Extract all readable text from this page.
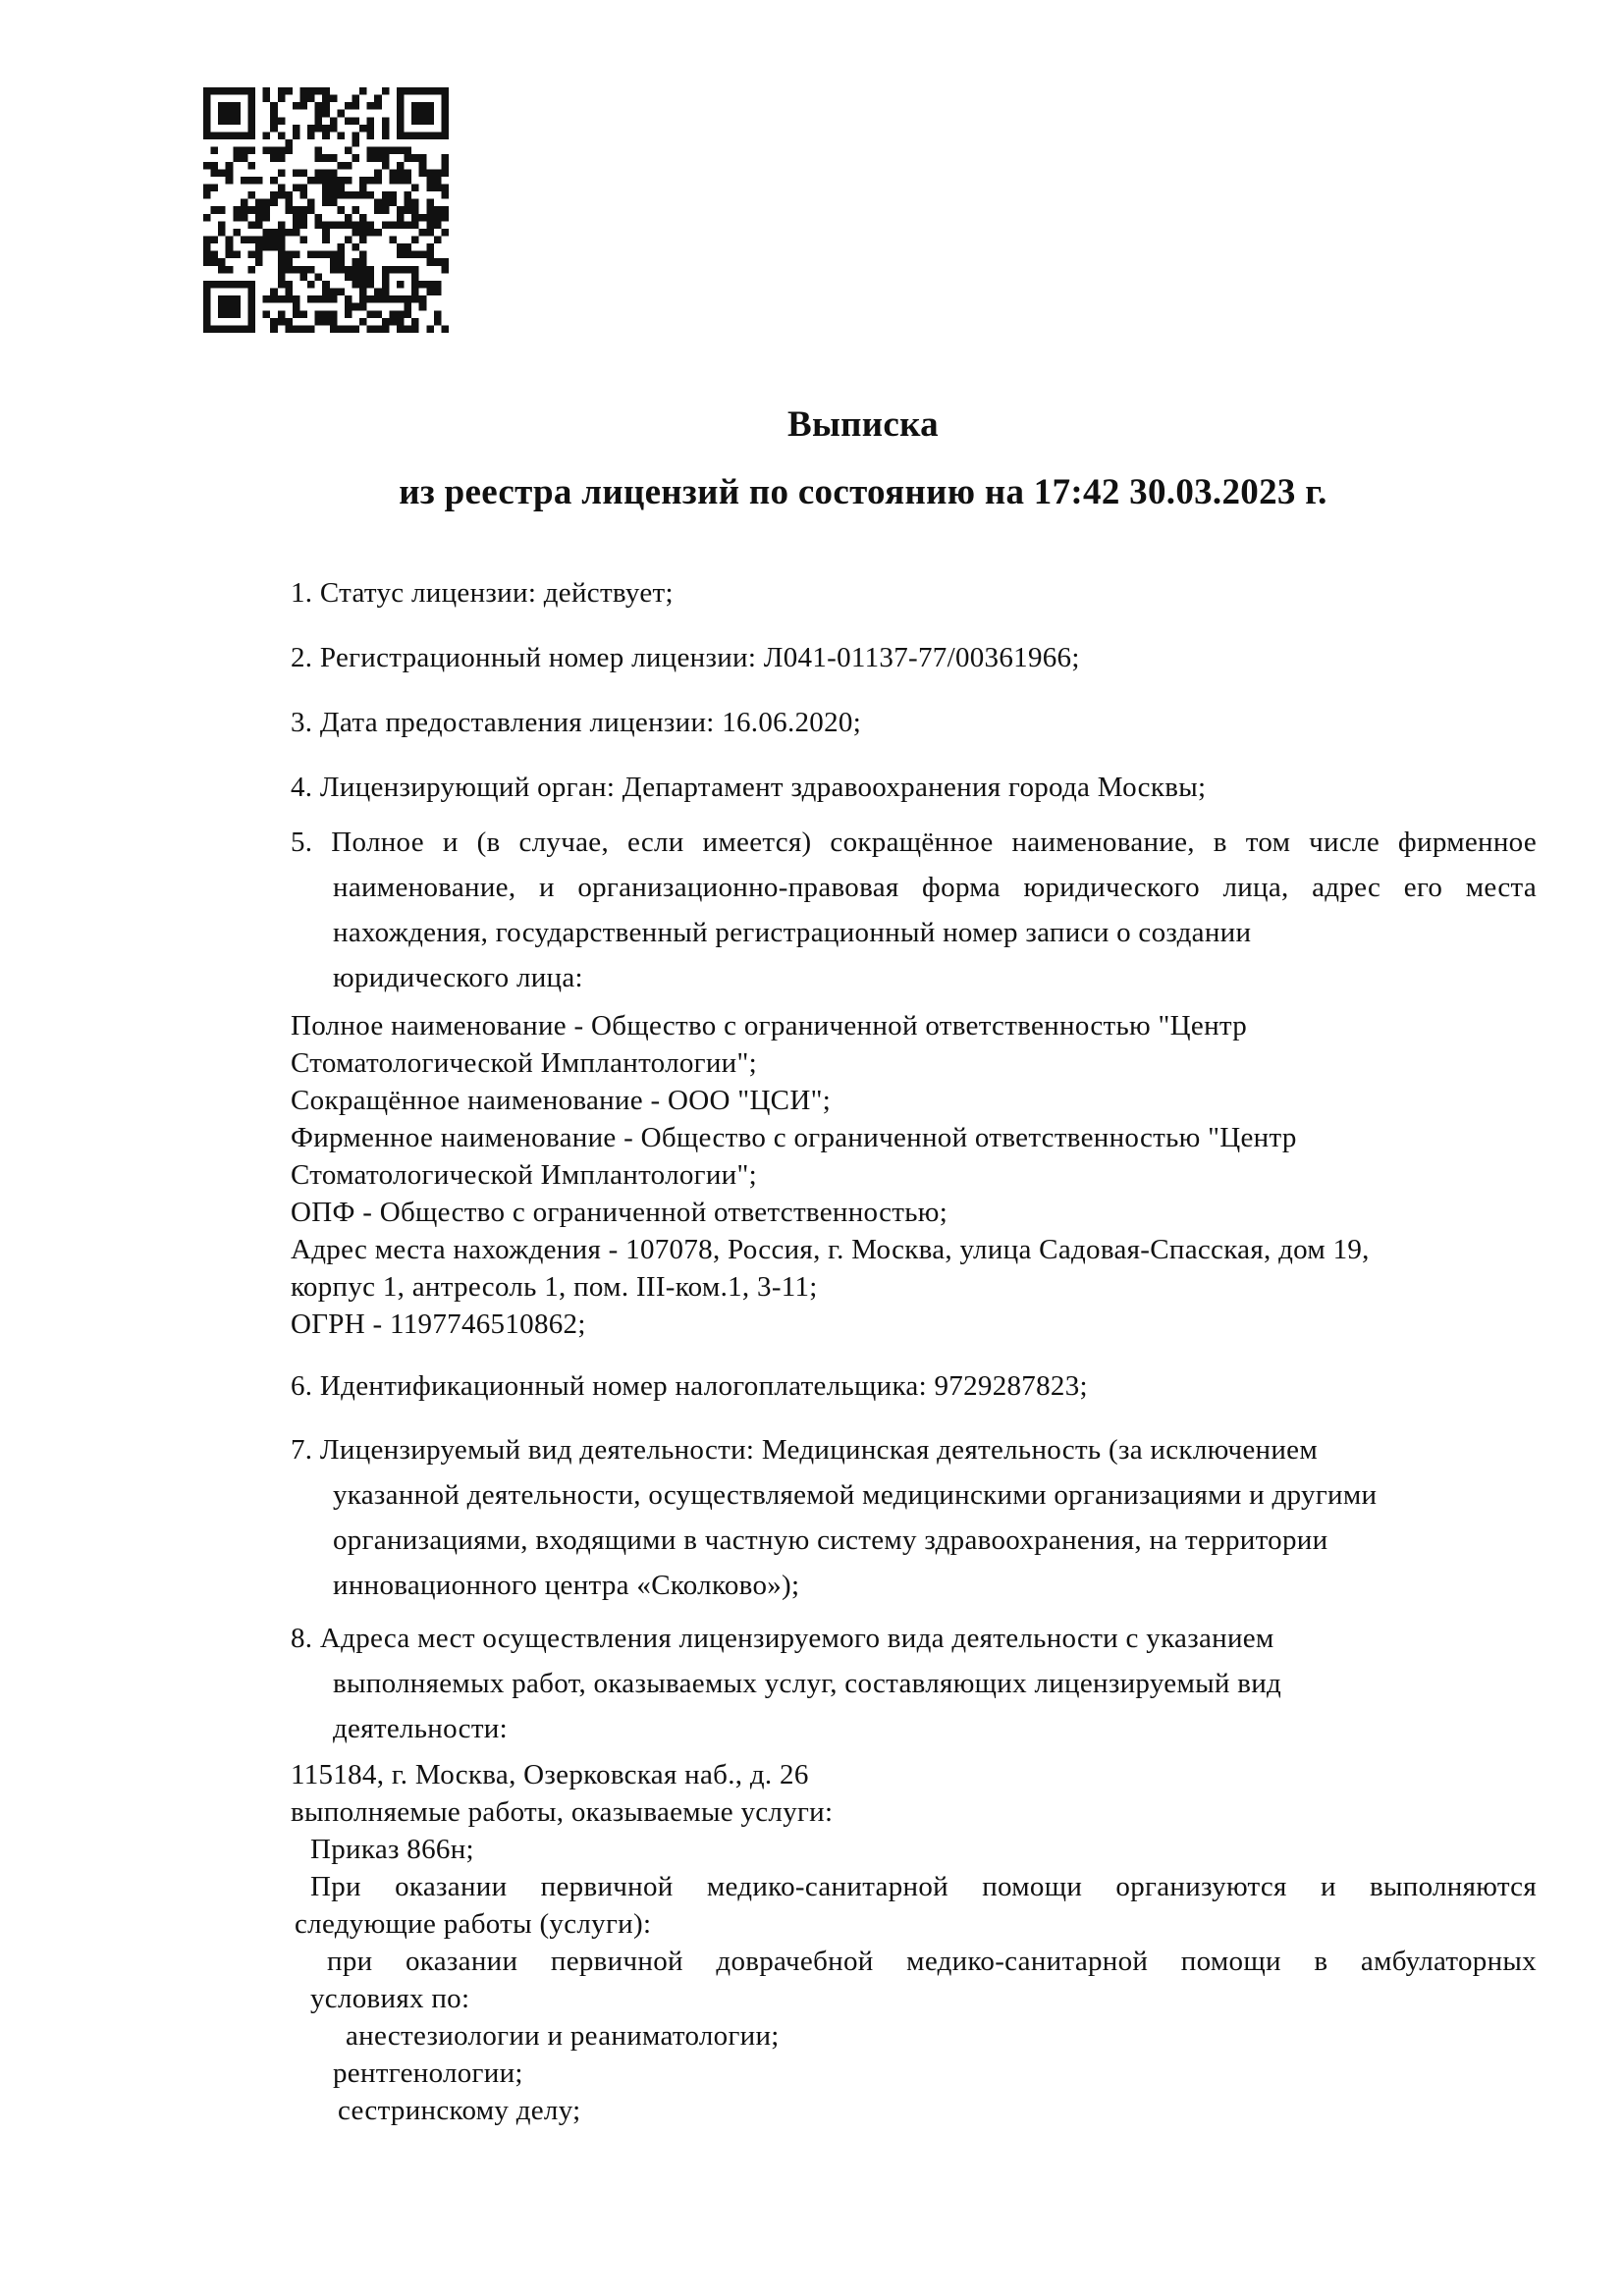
Выписка
из реестра лицензий по состоянию на 17:42 30.03.2023 г.
1. Статус лицензии: действует;
2. Регистрационный номер лицензии: Л041-01137-77/00361966;
3. Дата предоставления лицензии: 16.06.2020;
4. Лицензирующий орган: Департамент здравоохранения города Москвы;
5. Полное и (в случае, если имеется) сокращённое наименование, в том числе фирменное
наименование, и организационно-правовая форма юридического лица, адрес его места
нахождения, государственный регистрационный номер записи о создании
юридического лица:
Полное наименование - Общество с ограниченной ответственностью "Центр
Стоматологической Имплантологии";
Сокращённое наименование - ООО "ЦСИ";
Фирменное наименование - Общество с ограниченной ответственностью "Центр
Стоматологической Имплантологии";
ОПФ - Общество с ограниченной ответственностью;
Адрес места нахождения - 107078, Россия, г. Москва, улица Садовая-Спасская, дом 19,
корпус 1, антресоль 1, пом. III-ком.1, 3-11;
ОГРН - 1197746510862;
6. Идентификационный номер налогоплательщика: 9729287823;
7. Лицензируемый вид деятельности: Медицинская деятельность (за исключением
указанной деятельности, осуществляемой медицинскими организациями и другими
организациями, входящими в частную систему здравоохранения, на территории
инновационного центра «Сколково»);
8. Адреса мест осуществления лицензируемого вида деятельности с указанием
выполняемых работ, оказываемых услуг, составляющих лицензируемый вид
деятельности:
115184, г. Москва, Озерковская наб., д. 26
выполняемые работы, оказываемые услуги:
Приказ 866н;
При оказании первичной медико-санитарной помощи организуются и выполняются
следующие работы (услуги):
при оказании первичной доврачебной медико-санитарной помощи в амбулаторных
условиях по:
анестезиологии и реаниматологии;
рентгенологии;
сестринскому делу;
